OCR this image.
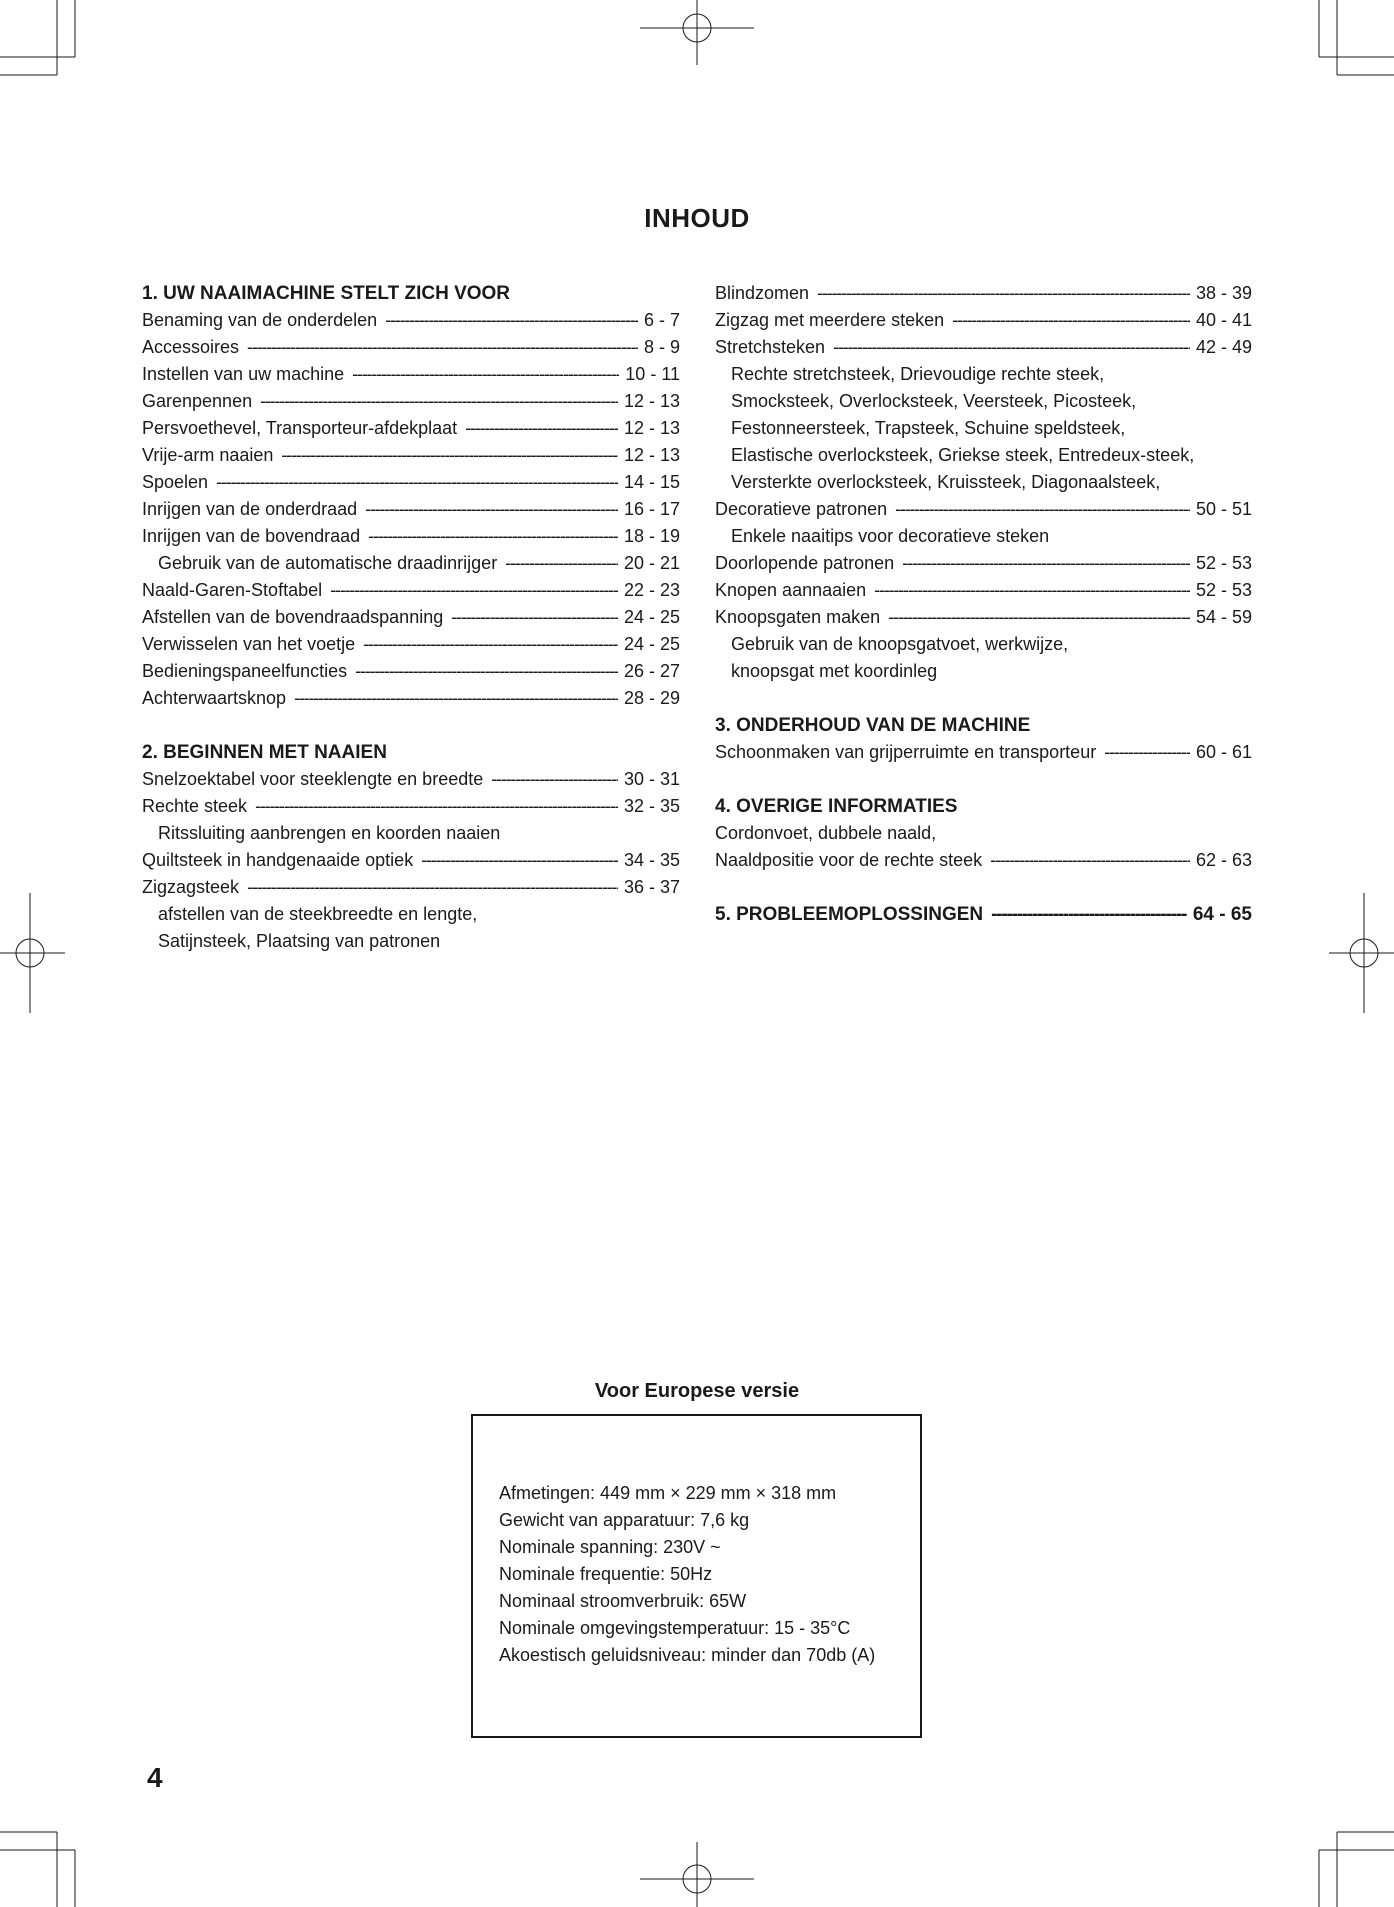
INHOUD
1. UW NAAIMACHINE STELT ZICH VOOR
Benaming van de onderdelen -----	6 - 7
Accessoires -----	8 - 9
Instellen van uw machine -----	10 - 11
Garenpennen -----	12 - 13
Persvoethevel, Transporteur-afdekplaat -----	12 - 13
Vrije-arm naaien -----	12 - 13
Spoelen -----	14 - 15
Inrijgen van de onderdraad -----	16 - 17
Inrijgen van de bovendraad -----	18 - 19
Gebruik van de automatische draadinrijger -----	20 - 21
Naald-Garen-Stoftabel -----	22 - 23
Afstellen van de bovendraadspanning -----	24 - 25
Verwisselen van het voetje -----	24 - 25
Bedieningspaneelfuncties -----	26 - 27
Achterwaartsknop -----	28 - 29
2. BEGINNEN MET NAAIEN
Snelzoektabel voor steeklengte en breedte -----	30 - 31
Rechte steek -----	32 - 35
Ritssluiting aanbrengen en koorden naaien
Quiltsteek in handgenaaide optiek -----	34 - 35
Zigzagsteek -----	36 - 37
afstellen van de steekbreedte en lengte,
Satijnsteek, Plaatsing van patronen
Blindzomen -----	38 - 39
Zigzag met meerdere steken -----	40 - 41
Stretchsteken -----	42 - 49
Rechte stretchsteek, Drievoudige rechte steek,
Smocksteek, Overlocksteek, Veersteek, Picosteek,
Festonneersteek, Trapsteek, Schuine speldsteek,
Elastische overlocksteek, Griekse steek, Entredeux-steek,
Versterkte overlocksteek, Kruissteek, Diagonaalsteek,
Decoratieve patronen -----	50 - 51
Enkele naaitips voor decoratieve steken
Doorlopende patronen -----	52 - 53
Knopen aannaaien -----	52 - 53
Knoopsgaten maken -----	54 - 59
Gebruik van de knoopsgatvoet, werkwijze,
knoopsgat met koordinleg
3. ONDERHOUD VAN DE MACHINE
Schoonmaken van grijperruimte en transporteur -----	60 - 61
4. OVERIGE INFORMATIES
Cordonvoet, dubbele naald,
Naaldpositie voor de rechte steek -----	62 - 63
5. PROBLEEMOPLOSSINGEN -----	64 - 65
Voor Europese versie
Afmetingen: 449 mm × 229 mm × 318 mm
Gewicht van apparatuur: 7,6 kg
Nominale spanning: 230V ~
Nominale frequentie: 50Hz
Nominaal stroomverbruik: 65W
Nominale omgevingstemperatuur: 15 - 35°C
Akoestisch geluidsniveau: minder dan 70db (A)
4
